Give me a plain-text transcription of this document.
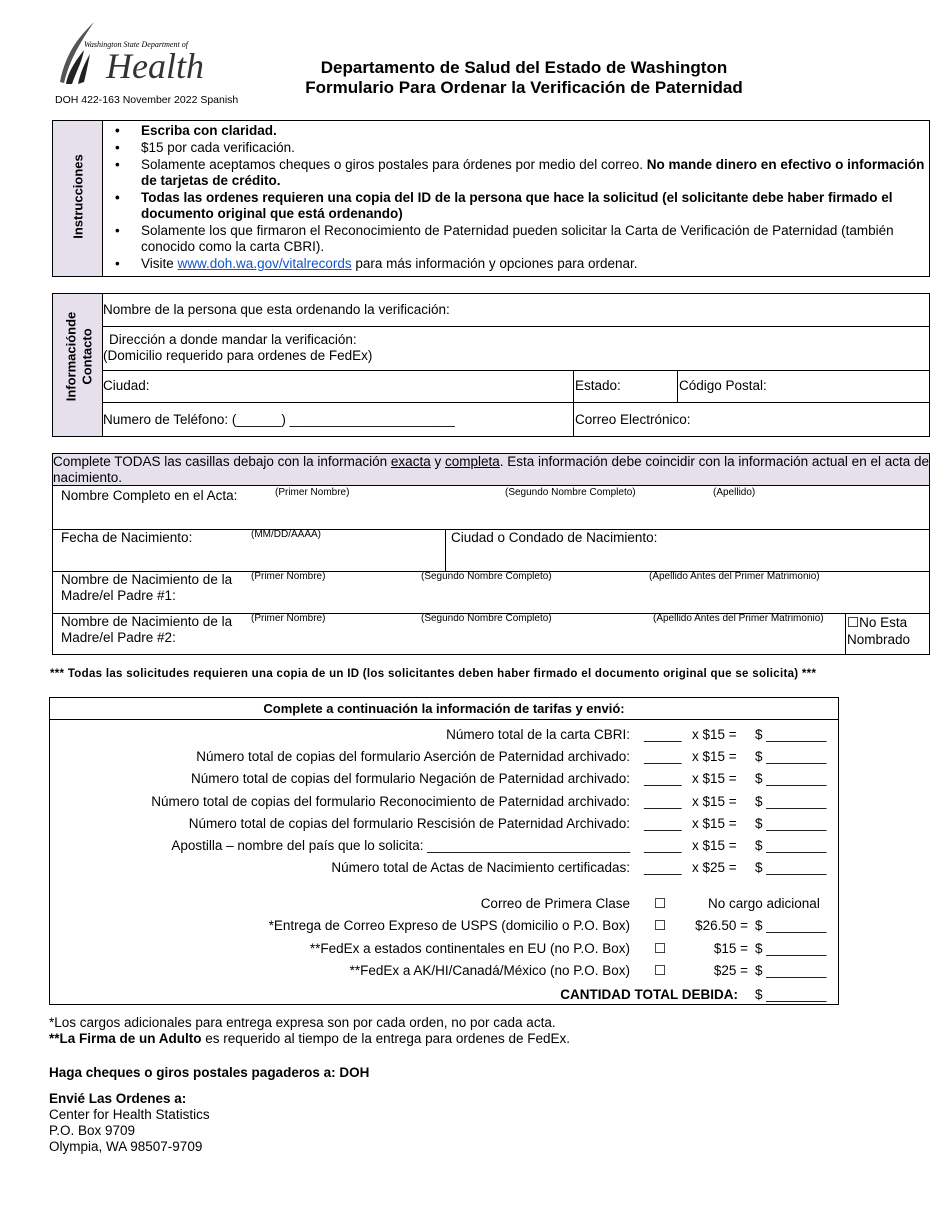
Washington State Department of
Health
DOH 422-163 November 2022 Spanish
Departamento de Salud del Estado de Washington
Formulario Para Ordenar la Verificación de Paternidad
Instrucciones
• Escriba con claridad.
• $15 por cada verificación.
• Solamente aceptamos cheques o giros postales para órdenes por medio del correo. No mande dinero en efectivo o información de tarjetas de crédito.
• Todas las ordenes requieren una copia del ID de la persona que hace la solicitud (el solicitante debe haber firmado el documento original que está ordenando)
• Solamente los que firmaron el Reconocimiento de Paternidad pueden solicitar la Carta de Verificación de Paternidad (también conocido como la carta CBRI).
• Visite www.doh.wa.gov/vitalrecords para más información y opciones para ordenar.
Informaciónde Contacto
Nombre de la persona que esta ordenando la verificación:
Dirección a donde mandar la verificación:
(Domicilio requerido para ordenes de FedEx)
Ciudad:	Estado:	Código Postal:
Numero de Teléfono: (______) ______________________	Correo Electrónico:
Complete TODAS las casillas debajo con la información exacta y completa. Esta información debe coincidir con la información actual en el acta de nacimiento.
Nombre Completo en el Acta:	(Primer Nombre)	(Segundo Nombre Completo)	(Apellido)
Fecha de Nacimiento:	(MM/DD/AAAA)	Ciudad o Condado de Nacimiento:
Nombre de Nacimiento de la
Madre/el Padre #1:
(Primer Nombre)	(Segundo Nombre Completo)	(Apellido Antes del Primer Matrimonio)
Nombre de Nacimiento de la
Madre/el Padre #2:
(Primer Nombre)	(Segundo Nombre Completo)	(Apellido Antes del Primer Matrimonio) ☐No Esta
Nombrado
*** Todas las solicitudes requieren una copia de un ID (los solicitantes deben haber firmado el documento original que se solicita) ***
Complete a continuación la información de tarifas y envió:
Número total de la carta CBRI: _____ x $15 = $ ________
Número total de copias del formulario Aserción de Paternidad archivado: _____ x $15 = $ ________
Número total de copias del formulario Negación de Paternidad archivado: _____ x $15 = $ ________
Número total de copias del formulario Reconocimiento de Paternidad archivado: _____ x $15 = $ ________
Número total de copias del formulario Rescisión de Paternidad Archivado: _____ x $15 = $ ________
Apostilla – nombre del país que lo solicita: ___________________________ _____ x $15 = $ ________
Número total de Actas de Nacimiento certificadas: _____ x $25 = $ ________
Correo de Primera Clase ☐	No cargo adicional
*Entrega de Correo Expreso de USPS (domicilio o P.O. Box) ☐	$26.50 = $ ________
**FedEx a estados continentales en EU (no P.O. Box) ☐	$15 = $ ________
**FedEx a AK/HI/Canadá/México (no P.O. Box) ☐	$25 = $ ________
CANTIDAD TOTAL DEBIDA: $ ________
*Los cargos adicionales para entrega expresa son por cada orden, no por cada acta.
**La Firma de un Adulto es requerido al tiempo de la entrega para ordenes de FedEx.
Haga cheques o giros postales pagaderos a: DOH
Envié Las Ordenes a:
Center for Health Statistics
P.O. Box 9709
Olympia, WA 98507-9709
